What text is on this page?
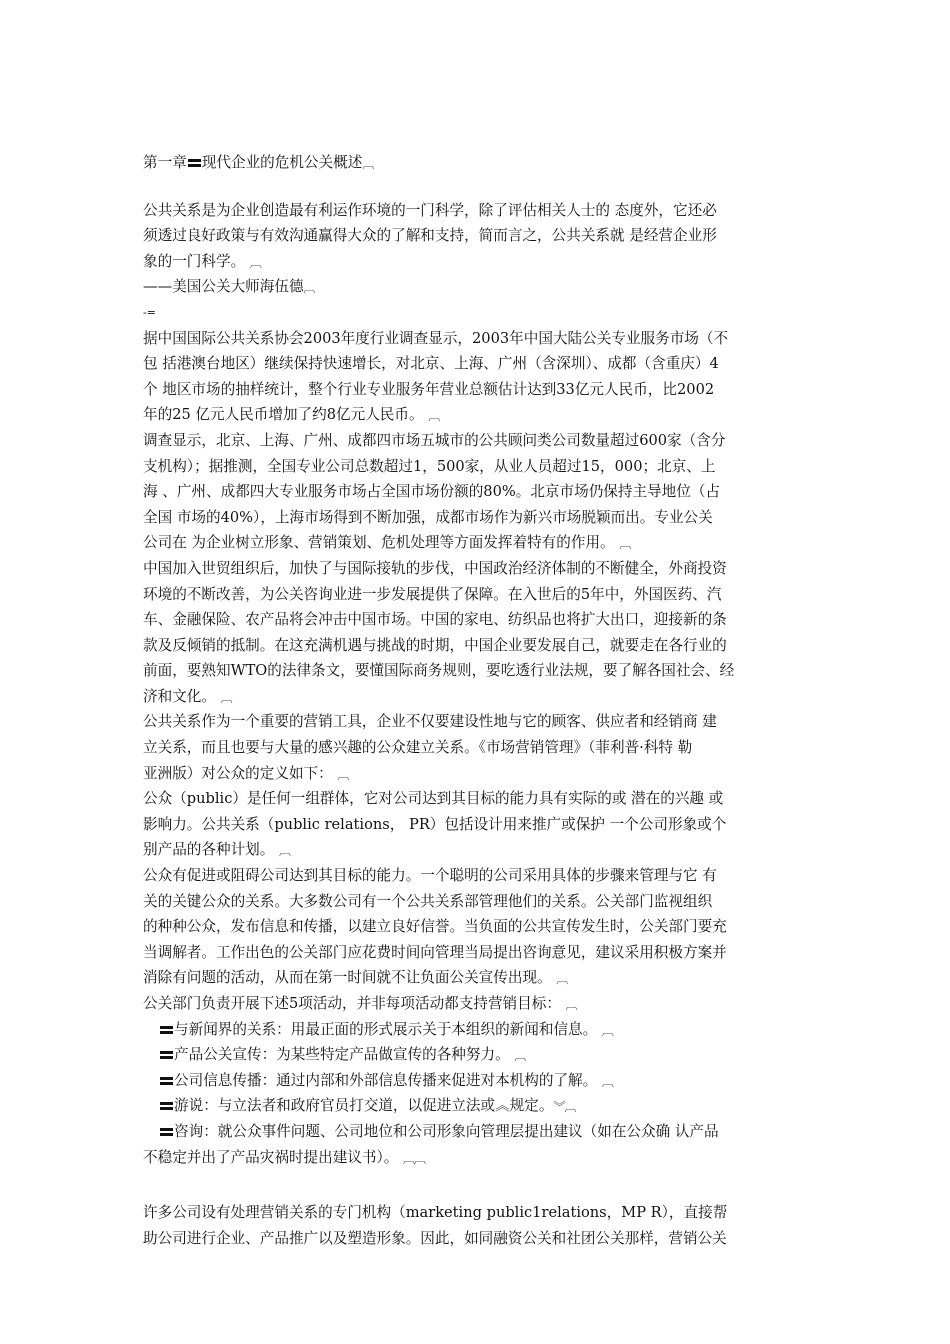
第一章 现代企业的危机公关概述︹
公共关系是为企业创造最有利运作环境的一门科学，除了评估相关人士的 态度外，它还必
须透过良好政策与有效沟通赢得大众的了解和支持，简而言之，公共关系就 是经营企业形
象的一门科学。 ︹
——美国公关大师海伍德︹
-=
据中国国际公共关系协会2003年度行业调查显示，2003年中国大陆公关专业服务市场（不
包 括港澳台地区）继续保持快速增长，对北京、上海、广州（含深圳）、成都（含重庆）4
个 地区市场的抽样统计，整个行业专业服务年营业总额估计达到33亿元人民币，比2002
年的25 亿元人民币增加了约8亿元人民币。 ︹
调查显示，北京、上海、广州、成都四市场五城市的公共顾问类公司数量超过600家（含分
支机构）；据推测，全国专业公司总数超过1，500家，从业人员超过15，000；北京、上
海 、广州、成都四大专业服务市场占全国市场份额的80%。北京市场仍保持主导地位（占
全国 市场的40%），上海市场得到不断加强，成都市场作为新兴市场脱颖而出。专业公关
公司在 为企业树立形象、营销策划、危机处理等方面发挥着特有的作用。 ︹
中国加入世贸组织后，加快了与国际接轨的步伐，中国政治经济体制的不断健全，外商投资
环境的不断改善，为公关咨询业进一步发展提供了保障。在入世后的5年中，外国医药、汽
车、金融保险、农产品将会冲击中国市场。中国的家电、纺织品也将扩大出口，迎接新的条
款及反倾销的抵制。在这充满机遇与挑战的时期，中国企业要发展自己，就要走在各行业的
前面，要熟知WTO的法律条文，要懂国际商务规则，要吃透行业法规，要了解各国社会、经
济和文化。 ︹
公共关系作为一个重要的营销工具，企业不仅要建设性地与它的顾客、供应者和经销商 建
立关系，而且也要与大量的感兴趣的公众建立关系。《市场营销管理》（菲利普·科特 勒
亚洲版）对公众的定义如下： ︹
公众（public）是任何一组群体，它对公司达到其目标的能力具有实际的或 潜在的兴趣 或
影响力。公共关系（public relations， PR）包括设计用来推广或保护 一个公司形象或个
别产品的各种计划。 ︹
公众有促进或阻碍公司达到其目标的能力。一个聪明的公司采用具体的步骤来管理与它 有
关的关键公众的关系。大多数公司有一个公共关系部管理他们的关系。公关部门监视组织
的种种公众，发布信息和传播，以建立良好信誉。当负面的公共宣传发生时，公关部门要充
当调解者。工作出色的公关部门应花费时间向管理当局提出咨询意见，建议采用积极方案并
消除有问题的活动，从而在第一时间就不让负面公关宣传出现。 ︹
公关部门负责开展下述5项活动，并非每项活动都支持营销目标： ︹
与新闻界的关系：用最正面的形式展示关于本组织的新闻和信息。 ︹
产品公关宣传：为某些特定产品做宣传的各种努力。 ︹
公司信息传播：通过内部和外部信息传播来促进对本机构的了解。 ︹
游说：与立法者和政府官员打交道，以促进立法或︽规定。︾︹
咨询：就公众事件问题、公司地位和公司形象向管理层提出建议（如在公众确 认产品
不稳定并出了产品灾祸时提出建议书）。 ︹︹
许多公司设有处理营销关系的专门机构（marketing public1relations，MP R），直接帮
助公司进行企业、产品推广以及塑造形象。因此，如同融资公关和社团公关那样，营销公关
